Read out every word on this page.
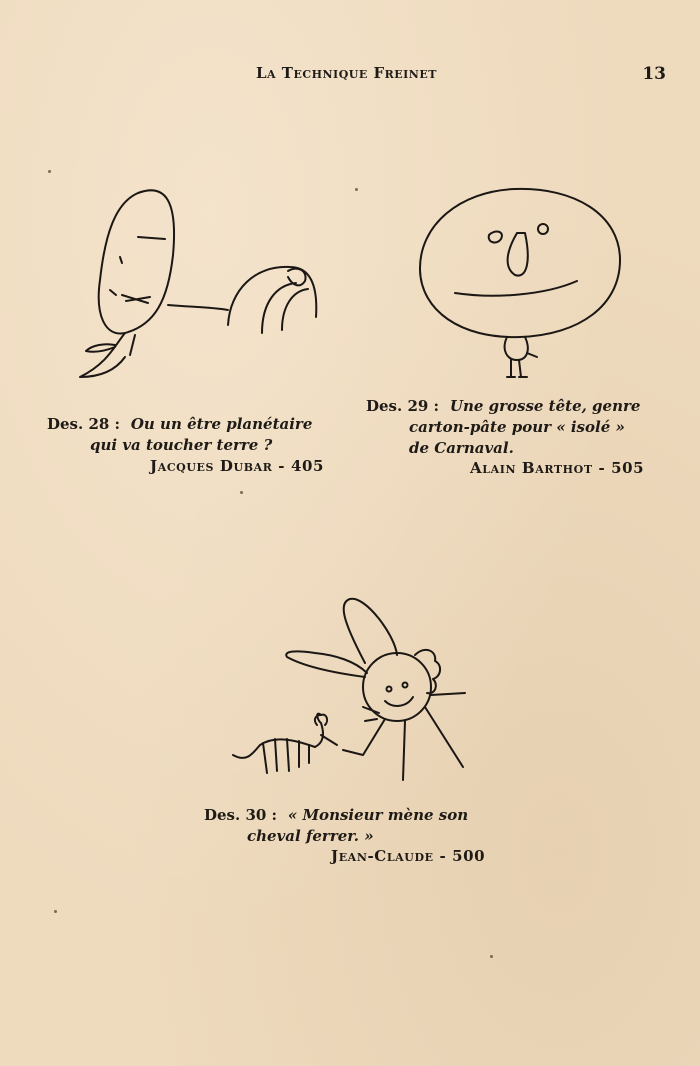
La Technique Freinet	13
Des. 28 : Ou un être planétaire
qui va toucher terre ?
Jacques Dubar - 405
Des. 29 : Une grosse tête, genre
carton-pâte pour « isolé »
de Carnaval.
Alain Barthot - 505
Des. 30 : « Monsieur mène son
cheval ferrer. »
Jean-Claude - 500
